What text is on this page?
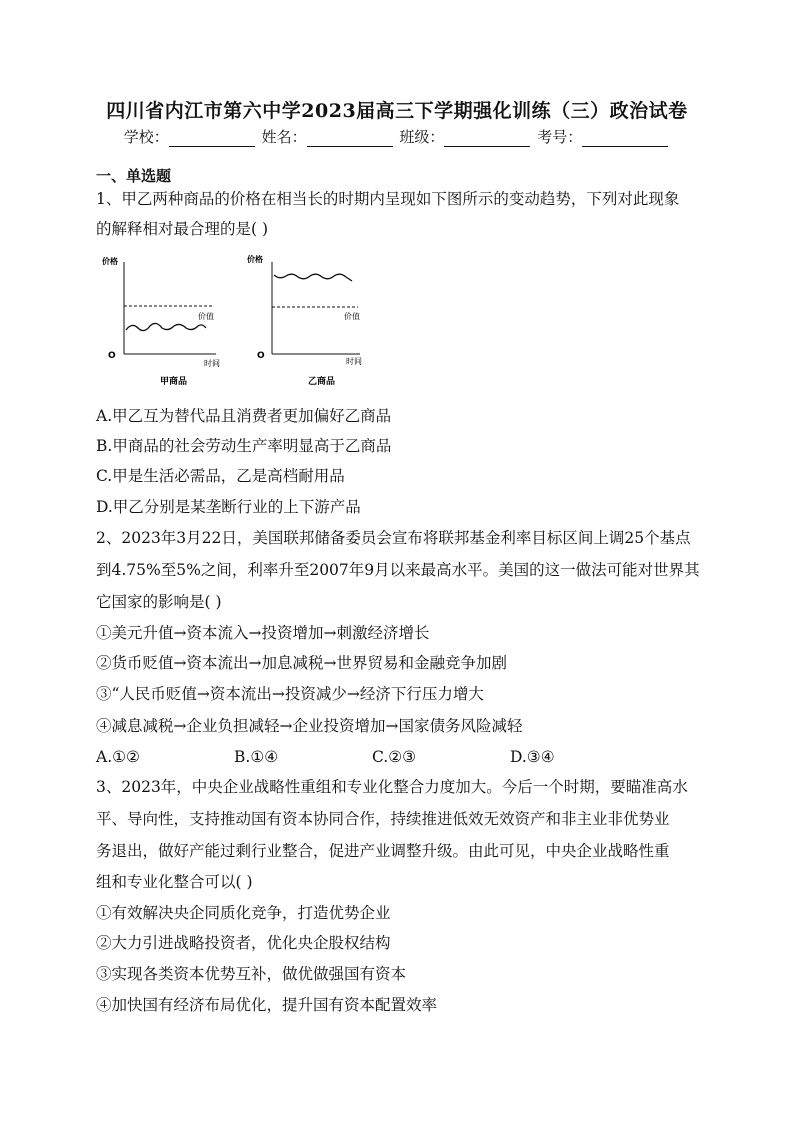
四川省内江市第六中学2023届高三下学期强化训练（三）政治试卷
学校：	姓名：	班级：	考号：
一、单选题
1、甲乙两种商品的价格在相当长的时期内呈现如下图所示的变动趋势，下列对此现象
的解释相对最合理的是( )
价格
O
时间
价值
甲商品
价格
O
时间
价值
乙商品
A.甲乙互为替代品且消费者更加偏好乙商品
B.甲商品的社会劳动生产率明显高于乙商品
C.甲是生活必需品，乙是高档耐用品
D.甲乙分别是某垄断行业的上下游产品
2、2023年3月22日，美国联邦储备委员会宣布将联邦基金利率目标区间上调25个基点
到4.75%至5%之间，利率升至2007年9月以来最高水平。美国的这一做法可能对世界其
它国家的影响是( )
①美元升值→资本流入→投资增加→刺激经济增长
②货币贬值→资本流出→加息减税→世界贸易和金融竞争加剧
③“人民币贬值→资本流出→投资减少→经济下行压力增大
④减息减税→企业负担减轻→企业投资增加→国家债务风险减轻
A.①②	B.①④	C.②③	D.③④
3、2023年，中央企业战略性重组和专业化整合力度加大。今后一个时期，要瞄准高水
平、导向性，支持推动国有资本协同合作，持续推进低效无效资产和非主业非优势业
务退出，做好产能过剩行业整合，促进产业调整升级。由此可见，中央企业战略性重
组和专业化整合可以( )
①有效解决央企同质化竞争，打造优势企业
②大力引进战略投资者，优化央企股权结构
③实现各类资本优势互补，做优做强国有资本
④加快国有经济布局优化，提升国有资本配置效率
